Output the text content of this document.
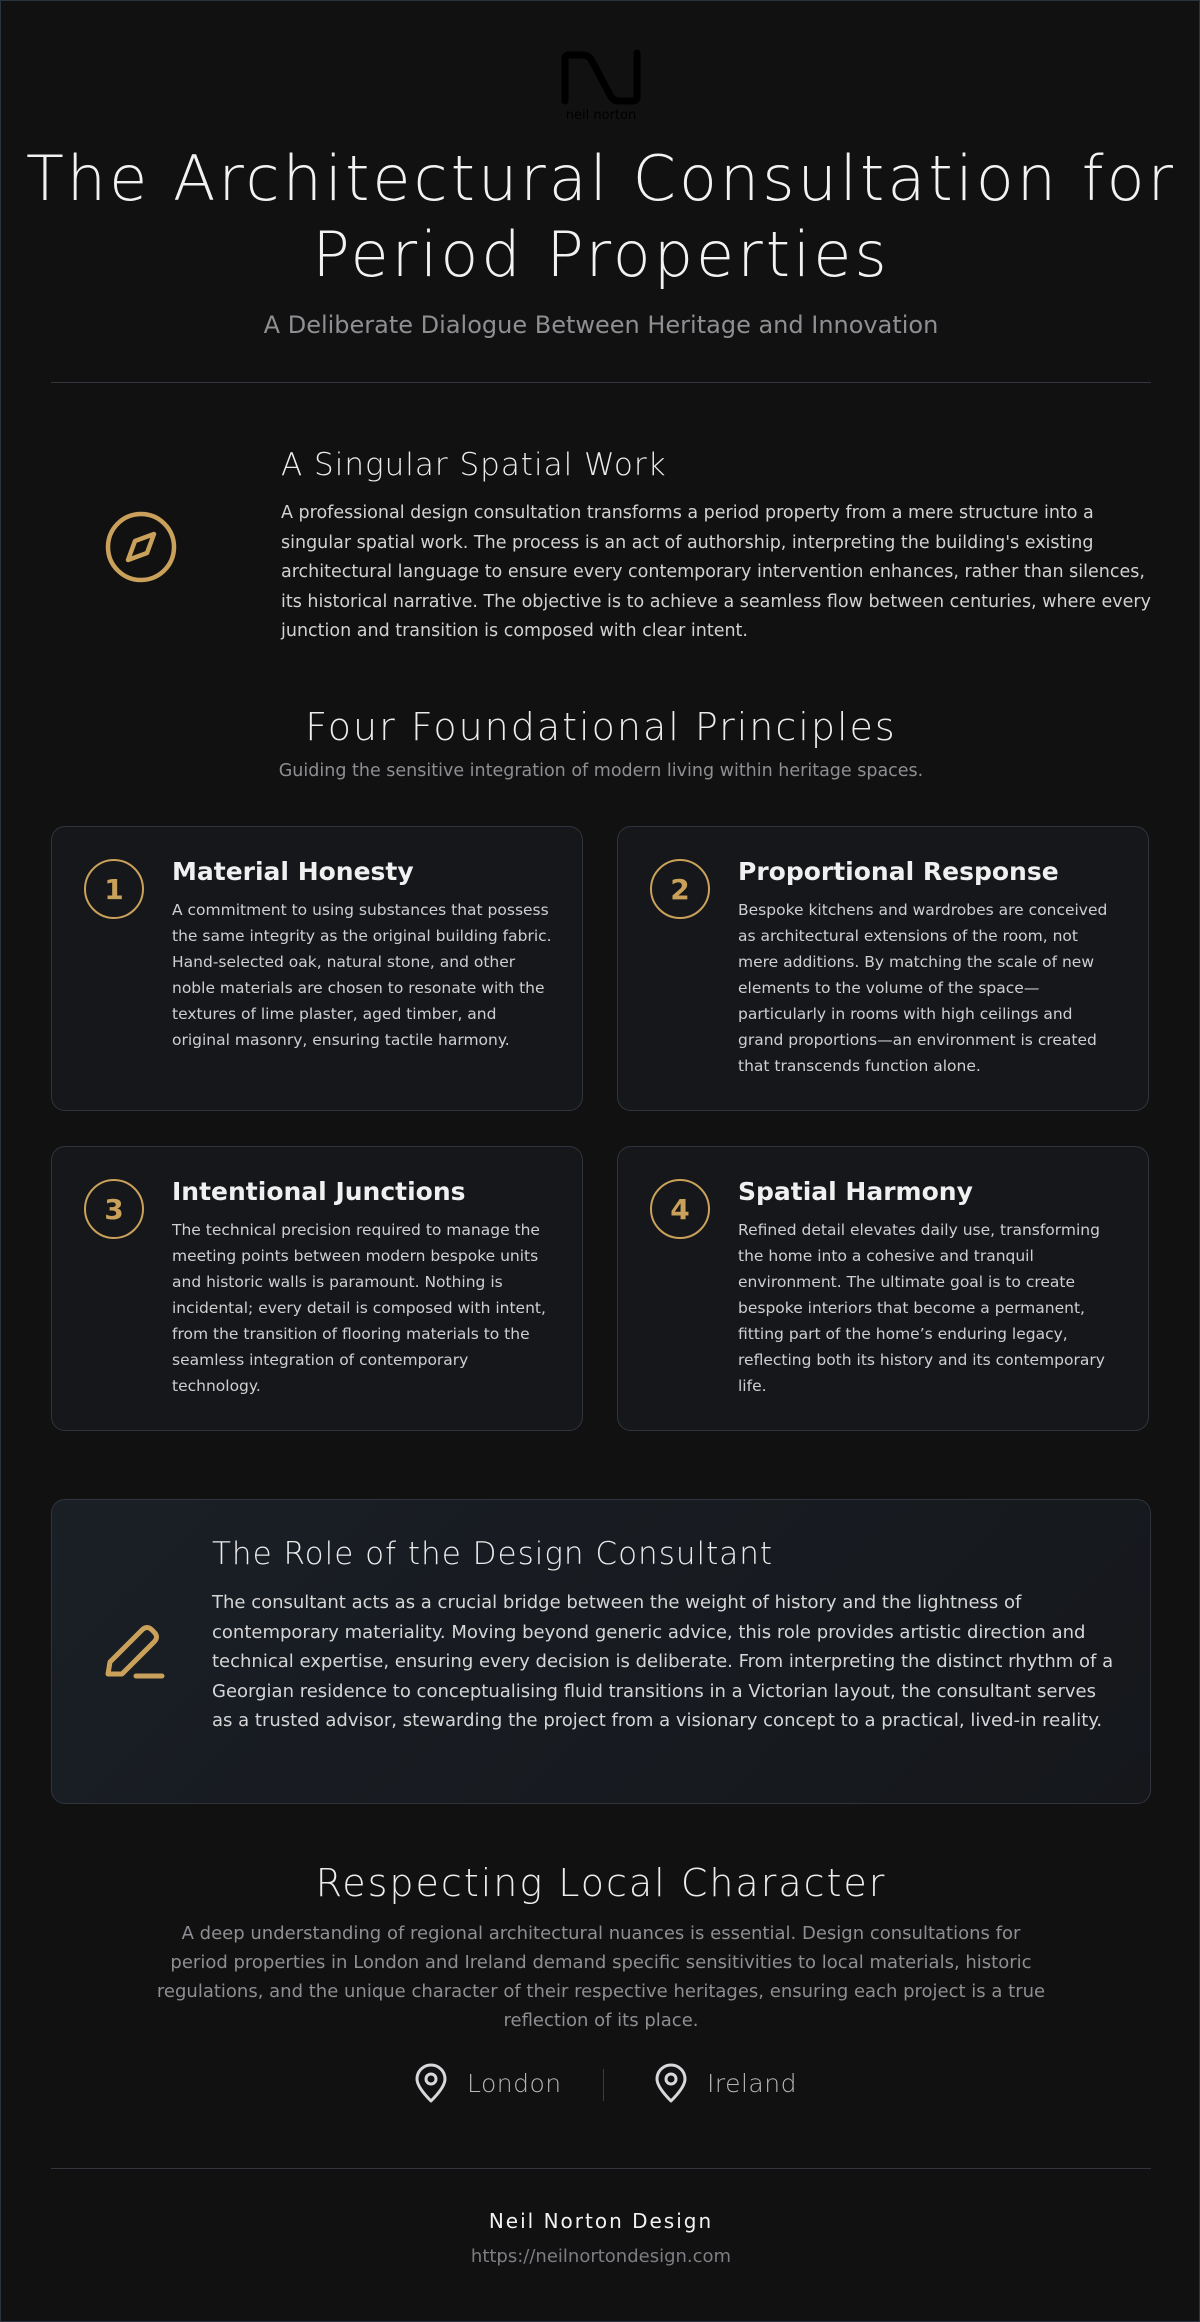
neil norton
The Architectural Consultation for Period Properties

A Deliberate Dialogue Between Heritage and Innovation

A Singular Spatial Work

A professional design consultation transforms a period property from a mere structure into a singular spatial work. The process is an act of authorship, interpreting the building's existing architectural language to ensure every contemporary intervention enhances, rather than silences, its historical narrative. The objective is to achieve a seamless flow between centuries, where every junction and transition is composed with clear intent.

Four Foundational Principles

Guiding the sensitive integration of modern living within heritage spaces.

1
Material Honesty

A commitment to using substances that possess the same integrity as the original building fabric. Hand-selected oak, natural stone, and other noble materials are chosen to resonate with the textures of lime plaster, aged timber, and original masonry, ensuring tactile harmony.

2
Proportional Response

Bespoke kitchens and wardrobes are conceived as architectural extensions of the room, not mere additions. By matching the scale of new elements to the volume of the space—particularly in rooms with high ceilings and grand proportions—an environment is created that transcends function alone.

3
Intentional Junctions

The technical precision required to manage the meeting points between modern bespoke units and historic walls is paramount. Nothing is incidental; every detail is composed with intent, from the transition of flooring materials to the seamless integration of contemporary technology.

4
Spatial Harmony

Refined detail elevates daily use, transforming the home into a cohesive and tranquil environment. The ultimate goal is to create bespoke interiors that become a permanent, fitting part of the home’s enduring legacy, reflecting both its history and its contemporary life.

The Role of the Design Consultant

The consultant acts as a crucial bridge between the weight of history and the lightness of contemporary materiality. Moving beyond generic advice, this role provides artistic direction and technical expertise, ensuring every decision is deliberate. From interpreting the distinct rhythm of a Georgian residence to conceptualising fluid transitions in a Victorian layout, the consultant serves as a trusted advisor, stewarding the project from a visionary concept to a practical, lived-in reality.

Respecting Local Character

A deep understanding of regional architectural nuances is essential. Design consultations for period properties in London and Ireland demand specific sensitivities to local materials, historic regulations, and the unique character of their respective heritages, ensuring each project is a true reflection of its place.

London	Ireland

Neil Norton Design

https://neilnortondesign.com
